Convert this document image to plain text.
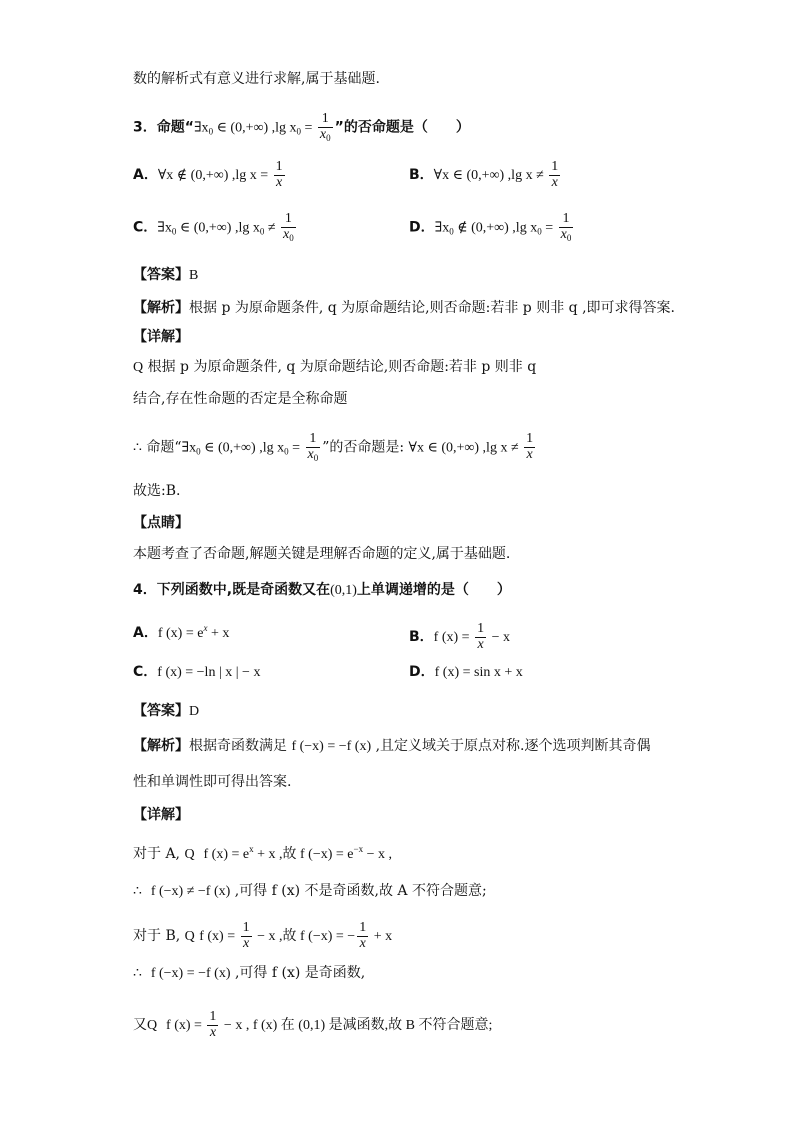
数的解析式有意义进行求解,属于基础题.
3．命题“$\exists x_0$ ∈ (0,+∞) ,lg $x_0 = \frac{1}{x_0}$ ”的否命题是（　　）
A．∀x ∉ (0,+∞) ,lg $x = \frac{1}{x}$	B．∀x ∈ (0,+∞) ,lg $x \ne \frac{1}{x}$
C．$\exists x_0$ ∈ (0,+∞) ,lg $x_0 \ne \frac{1}{x_0}$	D．$\exists x_0$ ∉ (0,+∞) ,lg $x_0 = \frac{1}{x_0}$
【答案】B
【解析】根据 p 为原命题条件, q 为原命题结论,则否命题:若非 p 则非 q ,即可求得答案.
【详解】
Q 根据 p 为原命题条件, q 为原命题结论,则否命题:若非 p 则非 q
结合,存在性命题的否定是全称命题
∴ 命题“$\exists x_0$ ∈ (0,+∞) ,lg $x_0 = \frac{1}{x_0}$ ”的否命题是: ∀x ∈ (0,+∞) ,lg $x \ne \frac{1}{x}$
故选:B.
【点睛】
本题考查了否命题,解题关键是理解否命题的定义,属于基础题.
4．下列函数中,既是奇函数又在(0,1)上单调递增的是（　　）
A．f $(x) = e^x + x$	B．f $(x) = \frac{1}{x} - x$
C．f (x) = −ln | x | − x	D．f (x) = sin x + x
【答案】D
【解析】根据奇函数满足 f (−x) = −f (x) ,且定义域关于原点对称.逐个选项判断其奇偶
性和单调性即可得出答案.
【详解】
对于 A, Q f $(x) = e^x + x$ ,故 f $(-x) = e^{-x} - x$ ,
∴ f (−x) ≠ −f (x) ,可得 f (x) 不是奇函数,故 A 不符合题意;
对于 B, Q f $(x) = \frac{1}{x} - x$ ,故 f (−x) = − $\frac{1}{x} + x$
∴ f (−x) = −f (x) ,可得 f (x) 是奇函数,
又Q f $(x) = \frac{1}{x} - x$ , f (x) 在 (0,1) 是减函数,故 B 不符合题意;
